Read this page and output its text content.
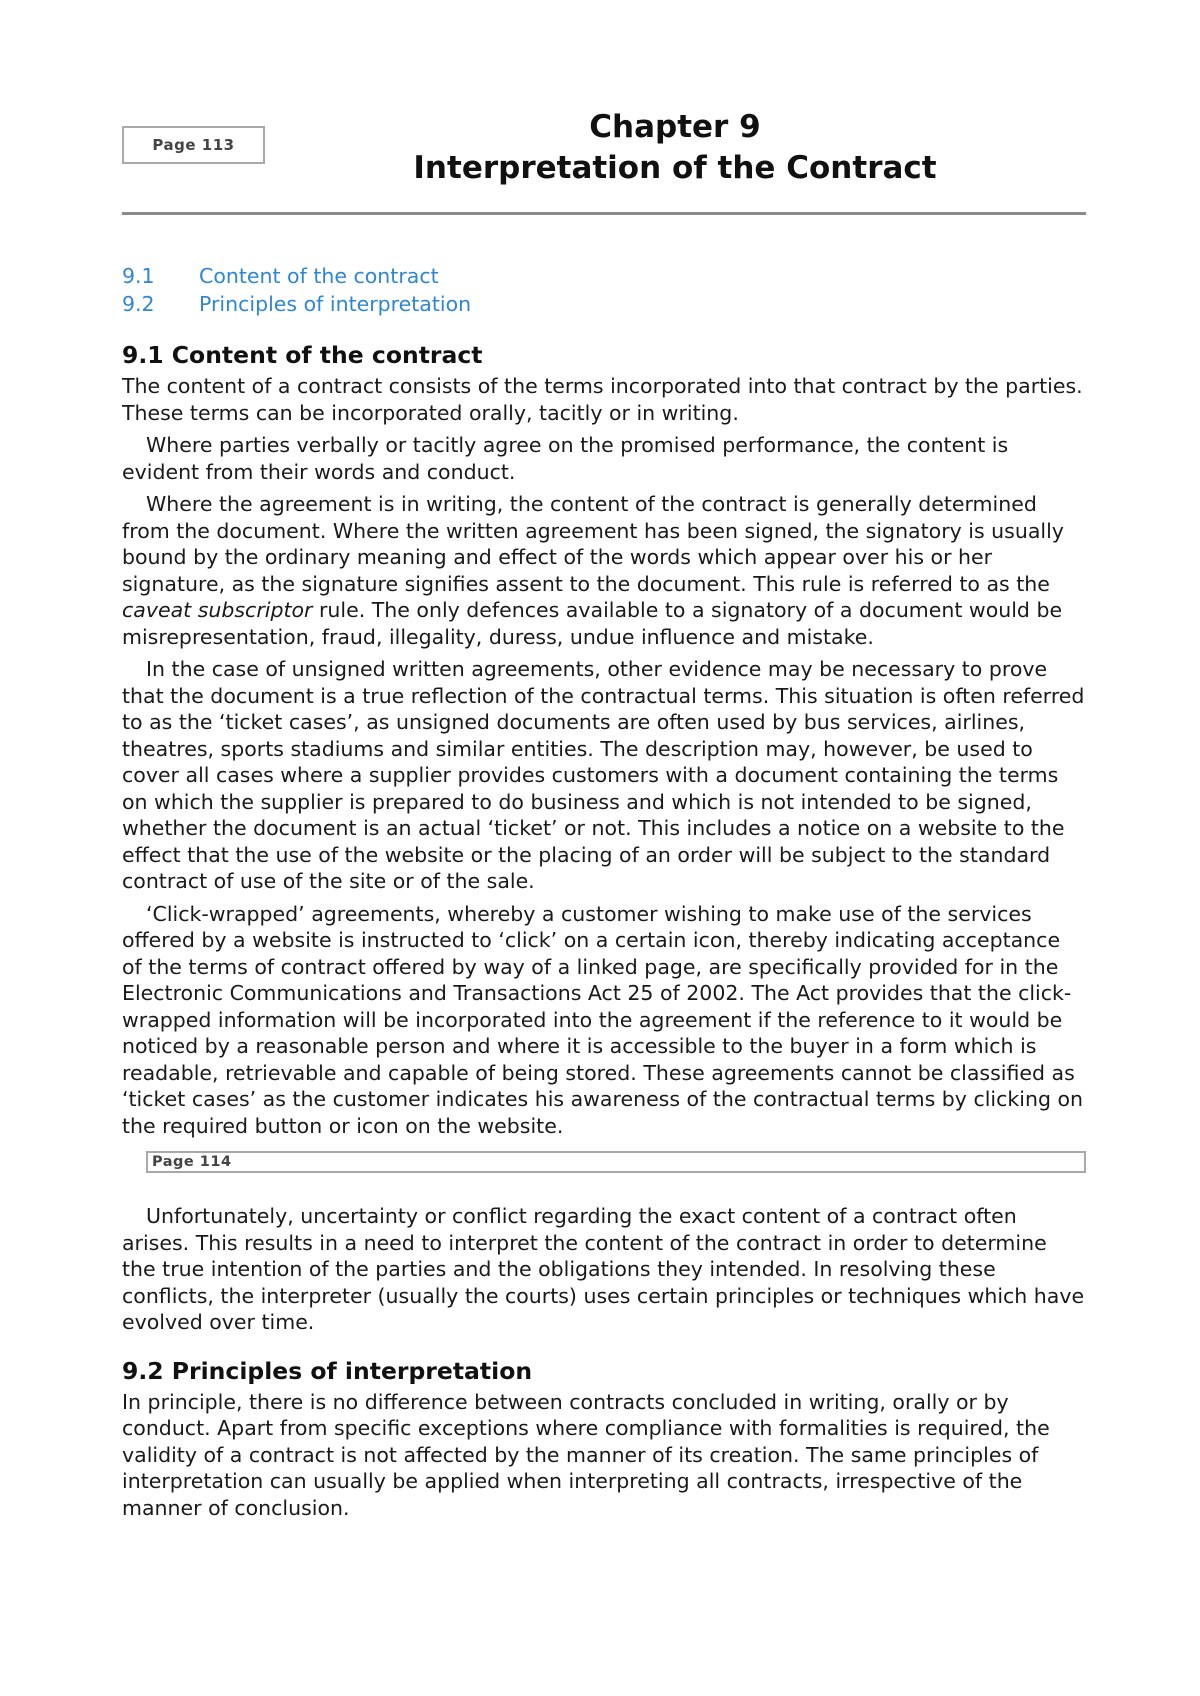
Page 113	Chapter 9
Interpretation of the Contract
9.1	Content of the contract
9.2	Principles of interpretation
9.1 Content of the contract

The content of a contract consists of the terms incorporated into that contract by the parties. These terms can be incorporated orally, tacitly or in writing.

Where parties verbally or tacitly agree on the promised performance, the content is evident from their words and conduct.

Where the agreement is in writing, the content of the contract is generally determined from the document. Where the written agreement has been signed, the signatory is usually bound by the ordinary meaning and effect of the words which appear over his or her signature, as the signature signifies assent to the document. This rule is referred to as the caveat subscriptor rule. The only defences available to a signatory of a document would be misrepresentation, fraud, illegality, duress, undue influence and mistake.

In the case of unsigned written agreements, other evidence may be necessary to prove that the document is a true reflection of the contractual terms. This situation is often referred to as the ‘ticket cases’, as unsigned documents are often used by bus services, airlines, theatres, sports stadiums and similar entities. The description may, however, be used to cover all cases where a supplier provides customers with a document containing the terms on which the supplier is prepared to do business and which is not intended to be signed, whether the document is an actual ‘ticket’ or not. This includes a notice on a website to the effect that the use of the website or the placing of an order will be subject to the standard contract of use of the site or of the sale.

‘Click-wrapped’ agreements, whereby a customer wishing to make use of the services offered by a website is instructed to ‘click’ on a certain icon, thereby indicating acceptance of the terms of contract offered by way of a linked page, are specifically provided for in the Electronic Communications and Transactions Act 25 of 2002. The Act provides that the click-wrapped information will be incorporated into the agreement if the reference to it would be noticed by a reasonable person and where it is accessible to the buyer in a form which is readable, retrievable and capable of being stored. These agreements cannot be classified as ‘ticket cases’ as the customer indicates his awareness of the contractual terms by clicking on the required button or icon on the website.

Page 114

Unfortunately, uncertainty or conflict regarding the exact content of a contract often arises. This results in a need to interpret the content of the contract in order to determine the true intention of the parties and the obligations they intended. In resolving these conflicts, the interpreter (usually the courts) uses certain principles or techniques which have evolved over time.

9.2 Principles of interpretation

In principle, there is no difference between contracts concluded in writing, orally or by conduct. Apart from specific exceptions where compliance with formalities is required, the validity of a contract is not affected by the manner of its creation. The same principles of interpretation can usually be applied when interpreting all contracts, irrespective of the manner of conclusion.
